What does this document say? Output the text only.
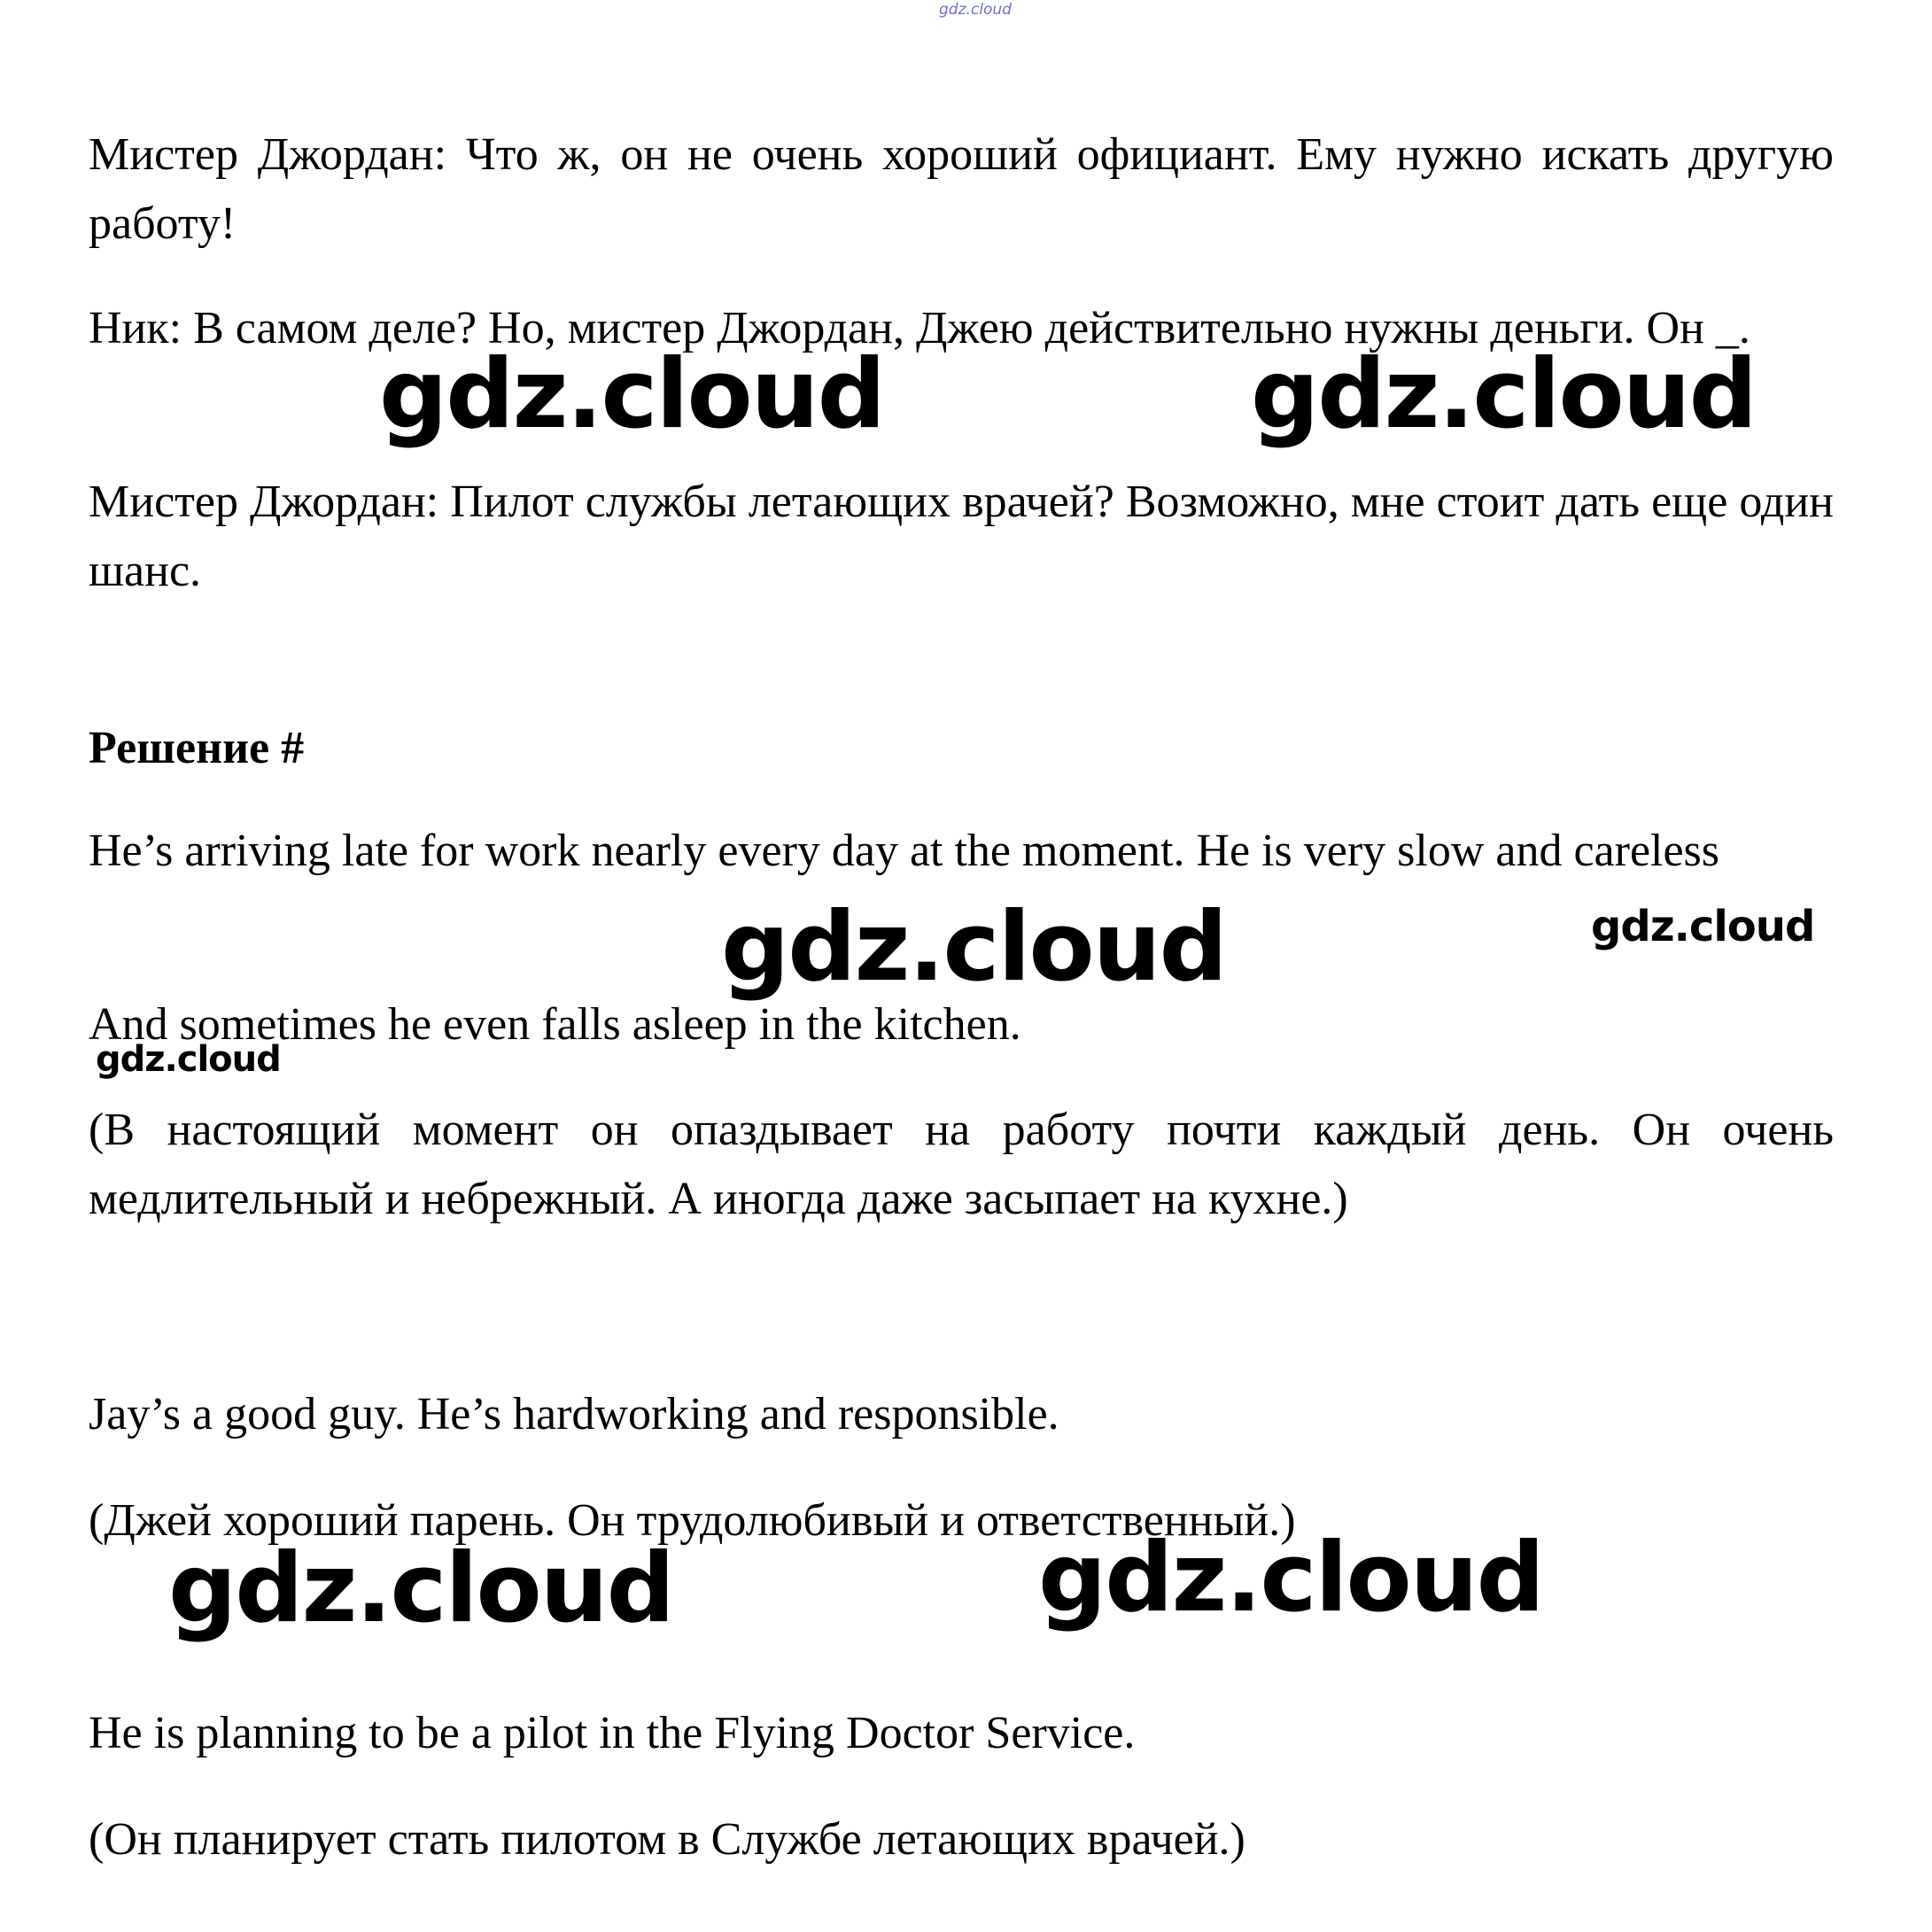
gdz.cloud

Мистер Джордан: Что ж, он не очень хороший официант. Ему нужно искать другую работу!

Ник: В самом деле? Но, мистер Джордан, Джею действительно нужны деньги. Он _.

Мистер Джордан: Пилот службы летающих врачей? Возможно, мне стоит дать еще один шанс.

Решение #

He’s arriving late for work nearly every day at the moment. He is very slow and careless

And sometimes he even falls asleep in the kitchen.

(В настоящий момент он опаздывает на работу почти каждый день. Он очень медлительный и небрежный. А иногда даже засыпает на кухне.)

Jay’s a good guy. He’s hardworking and responsible.

(Джей хороший парень. Он трудолюбивый и ответственный.)

He is planning to be a pilot in the Flying Doctor Service.

(Он планирует стать пилотом в Службе летающих врачей.)

gdz.cloud	gdz.cloud
gdz.cloud	gdz.cloud
gdz.cloud
gdz.cloud	gdz.cloud
